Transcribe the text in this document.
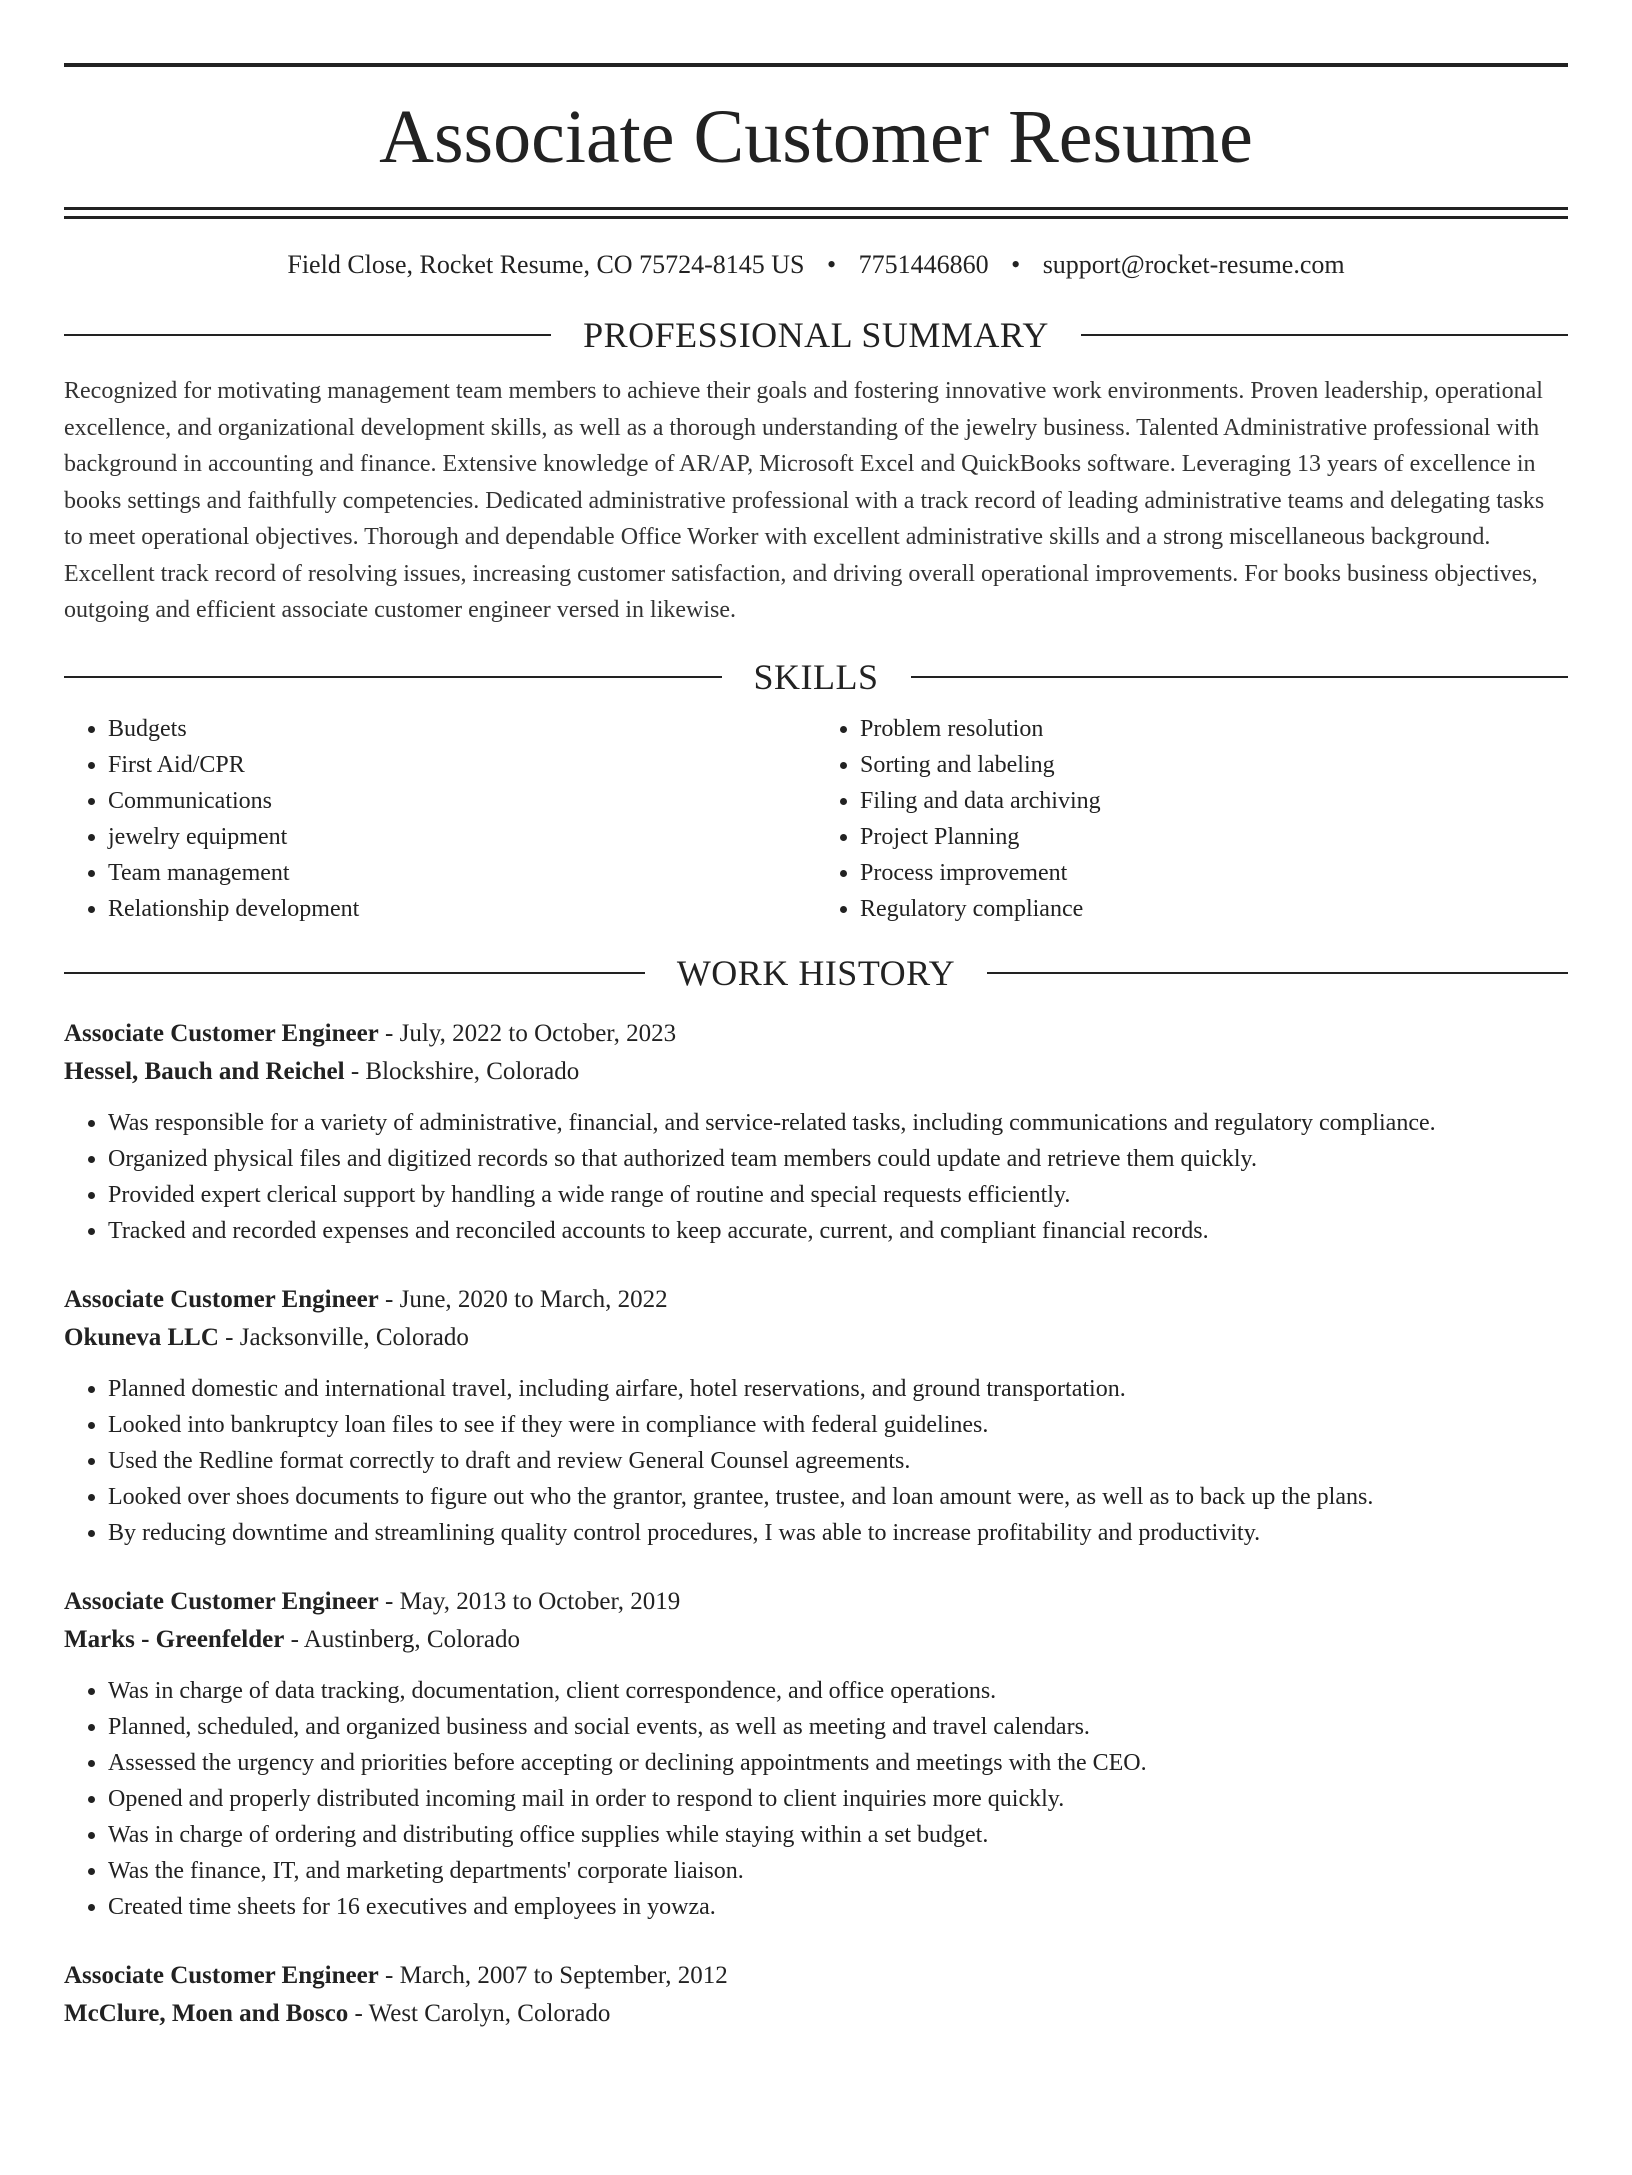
Associate Customer Resume
Field Close, Rocket Resume, CO 75724-8145 US • 7751446860 • support@rocket-resume.com
PROFESSIONAL SUMMARY

Recognized for motivating management team members to achieve their goals and fostering innovative work environments. Proven leadership, operational excellence, and organizational development skills, as well as a thorough understanding of the jewelry business. Talented Administrative professional with background in accounting and finance. Extensive knowledge of AR/AP, Microsoft Excel and QuickBooks software. Leveraging 13 years of excellence in books settings and faithfully competencies. Dedicated administrative professional with a track record of leading administrative teams and delegating tasks to meet operational objectives. Thorough and dependable Office Worker with excellent administrative skills and a strong miscellaneous background. Excellent track record of resolving issues, increasing customer satisfaction, and driving overall operational improvements. For books business objectives, outgoing and efficient associate customer engineer versed in likewise.

SKILLS
• Budgets
• First Aid/CPR
• Communications
• jewelry equipment
• Team management
• Relationship development
• Problem resolution
• Sorting and labeling
• Filing and data archiving
• Project Planning
• Process improvement
• Regulatory compliance
WORK HISTORY
Associate Customer Engineer - July, 2022 to October, 2023
Hessel, Bauch and Reichel - Blockshire, Colorado
• Was responsible for a variety of administrative, financial, and service-related tasks, including communications and regulatory compliance.
• Organized physical files and digitized records so that authorized team members could update and retrieve them quickly.
• Provided expert clerical support by handling a wide range of routine and special requests efficiently.
• Tracked and recorded expenses and reconciled accounts to keep accurate, current, and compliant financial records.
Associate Customer Engineer - June, 2020 to March, 2022
Okuneva LLC - Jacksonville, Colorado
• Planned domestic and international travel, including airfare, hotel reservations, and ground transportation.
• Looked into bankruptcy loan files to see if they were in compliance with federal guidelines.
• Used the Redline format correctly to draft and review General Counsel agreements.
• Looked over shoes documents to figure out who the grantor, grantee, trustee, and loan amount were, as well as to back up the plans.
• By reducing downtime and streamlining quality control procedures, I was able to increase profitability and productivity.
Associate Customer Engineer - May, 2013 to October, 2019
Marks - Greenfelder - Austinberg, Colorado
• Was in charge of data tracking, documentation, client correspondence, and office operations.
• Planned, scheduled, and organized business and social events, as well as meeting and travel calendars.
• Assessed the urgency and priorities before accepting or declining appointments and meetings with the CEO.
• Opened and properly distributed incoming mail in order to respond to client inquiries more quickly.
• Was in charge of ordering and distributing office supplies while staying within a set budget.
• Was the finance, IT, and marketing departments' corporate liaison.
• Created time sheets for 16 executives and employees in yowza.
Associate Customer Engineer - March, 2007 to September, 2012
McClure, Moen and Bosco - West Carolyn, Colorado
